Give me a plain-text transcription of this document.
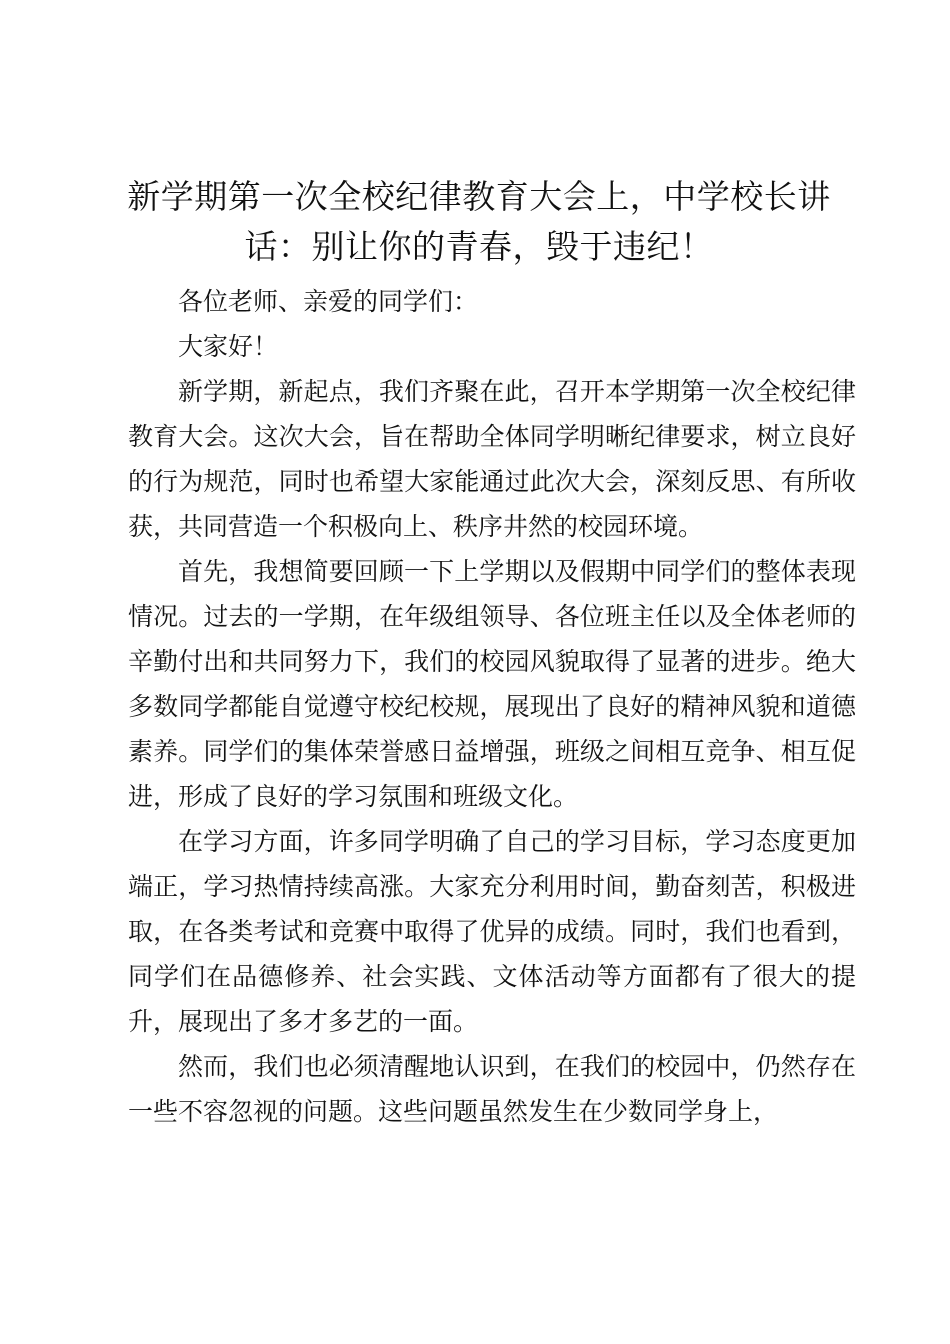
新学期第一次全校纪律教育大会上，中学校长讲话：别让你的青春，毁于违纪！

各位老师、亲爱的同学们：

大家好！

新学期，新起点，我们齐聚在此，召开本学期第一次全校纪律教育大会。这次大会，旨在帮助全体同学明晰纪律要求，树立良好的行为规范，同时也希望大家能通过此次大会，深刻反思、有所收获，共同营造一个积极向上、秩序井然的校园环境。

首先，我想简要回顾一下上学期以及假期中同学们的整体表现情况。过去的一学期，在年级组领导、各位班主任以及全体老师的辛勤付出和共同努力下，我们的校园风貌取得了显著的进步。绝大多数同学都能自觉遵守校纪校规，展现出了良好的精神风貌和道德素养。同学们的集体荣誉感日益增强，班级之间相互竞争、相互促进，形成了良好的学习氛围和班级文化。

在学习方面，许多同学明确了自己的学习目标，学习态度更加端正，学习热情持续高涨。大家充分利用时间，勤奋刻苦，积极进取，在各类考试和竞赛中取得了优异的成绩。同时，我们也看到，同学们在品德修养、社会实践、文体活动等方面都有了很大的提升，展现出了多才多艺的一面。

然而，我们也必须清醒地认识到，在我们的校园中，仍然存在一些不容忽视的问题。这些问题虽然发生在少数同学身上，
